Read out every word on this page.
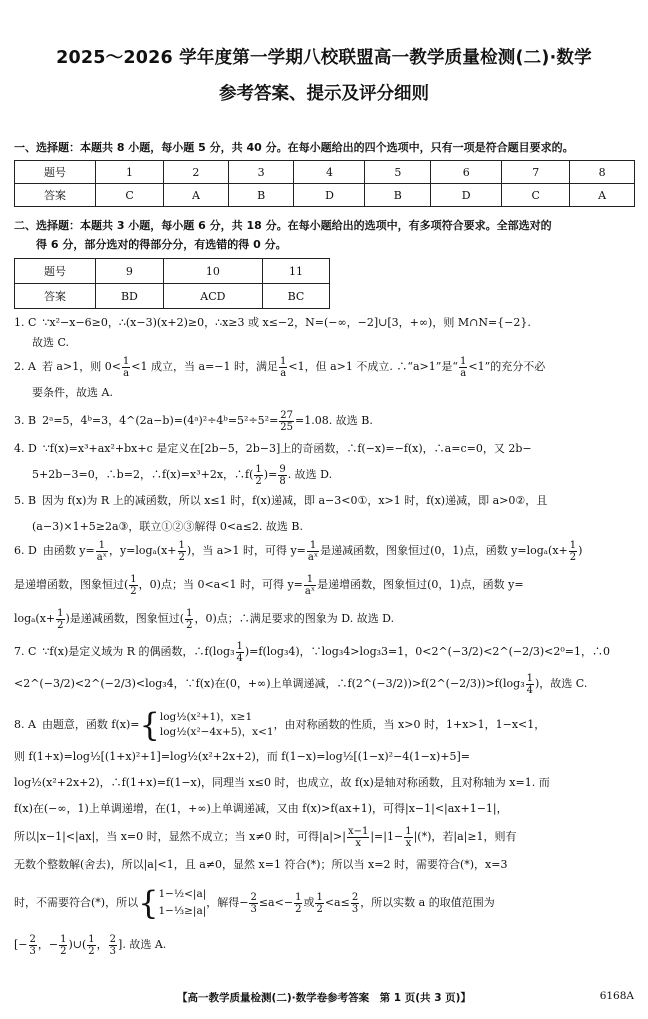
2025～2026 学年度第一学期八校联盟高一教学质量检测(二)·数学
参考答案、提示及评分细则
一、选择题：本题共 8 小题，每小题 5 分，共 40 分。在每小题给出的四个选项中，只有一项是符合题目要求的。
题号	1	2	3	4	5	6	7	8
答案	C	A	B	D	B	D	C	A
二、选择题：本题共 3 小题，每小题 6 分，共 18 分。在每小题给出的选项中，有多项符合要求。全部选对的
得 6 分，部分选对的得部分分，有选错的得 0 分。
题号	9	10	11
答案	BD	ACD	BC
1. C ∵x²−x−6≥0，∴(x−3)(x+2)≥0，∴x≥3 或 x≤−2，N=(−∞，−2]∪[3，+∞)，则 M∩N={−2}.
故选 C.
2. A 若 a>1，则 $0< \frac{1}{a} <1$ 成立，当 a=−1 时，满足 $\frac{1}{a} <1$，但 a>1 不成立. ∴“a>1”是“ $\frac{1}{a} <1$”的充分不必
要条件，故选 A.
3. B 2ᵃ=5，4ᵇ=3，4^(2a−b)=(4ᵃ)²÷4ᵇ=5²÷5²= $\frac{27}{25} =1.08$. 故选 B.
4. D ∵f(x)=x³+ax²+bx+c 是定义在[2b−5，2b−3]上的奇函数，∴f(−x)=−f(x)，∴a=c=0，又 2b−
5+2b−3=0，∴b=2，∴f(x)=x³+2x，∴f( $\frac{1}{2}$ )= $\frac{9}{8}$ . 故选 D.
5. B 因为 f(x)为 R 上的减函数，所以 x≤1 时，f(x)递减，即 a−3<0①，x>1 时，f(x)递减，即 a>0②，且
(a−3)×1+5≥2a③，联立①②③解得 0<a≤2. 故选 B.
6. D 由函数 $y= \frac{1}{\text{aˣ}}$ ，$y=\log_a(x+ \frac{1}{2}$ )，当 a>1 时，可得 $y= \frac{1}{\text{aˣ}}$ 是递减函数，图象恒过(0，1)点，函数 $y=\log_a(x+ \frac{1}{2}$ )
是递增函数，图象恒过( $\frac{1}{2}$ ，0)点；当 0<a<1 时，可得 $y= \frac{1}{\text{aˣ}}$ 是递增函数，图象恒过(0，1)点，函数 y=
$\log_a(x+ \frac{1}{2}$ )是递减函数，图象恒过( $\frac{1}{2}$ ，0)点；∴满足要求的图象为 D. 故选 D.
7. C ∵f(x)是定义域为 R 的偶函数，∴f(log₃ $\frac{1}{4} )=f(\log_34)$，∵log₃4>log₃3=1，0<2^(−3/2)<2^(−2/3)<2⁰=1，∴0
<2^(−3/2)<2^(−2/3)<log₃4，∵f(x)在(0，+∞)上单调递减，∴f(2^(−3/2))>f(2^(−2/3))>f(log₃ $\frac{1}{4}$ )，故选 C.
8. A 由题意，函数 f(x)={ log½(x²+1)，x≥1
log½(x²−4x+5)，x<1
，由对称函数的性质，当 x>0 时，1+x>1，1−x<1，
则 f(1+x)=log½[(1+x)²+1]=log½(x²+2x+2)，而 f(1−x)=log½[(1−x)²−4(1−x)+5]=
log½(x²+2x+2)，∴f(1+x)=f(1−x)，同理当 x≤0 时，也成立，故 f(x)是轴对称函数，且对称轴为 x=1. 而
f(x)在(−∞，1)上单调递增，在(1，+∞)上单调递减，又由 f(x)>f(ax+1)，可得|x−1|<|ax+1−1|，
所以|x−1|<|ax|，当 x=0 时，显然不成立；当 x≠0 时，可得$|a|>| \frac{x-1}{x} |=|1- \frac{1}{x}$ |(*)，若|a|≥1，则有
无数个整数解(舍去)，所以|a|<1，且 a≠0，显然 x=1 符合(*)；所以当 x=2 时，需要符合(*)，x=3
时，不需要符合(*)，所以{ 1−½<|a|
1−⅓≥|a|
，解得− $\frac{2}{3} \le a<- \frac{1}{2}$ 或 $\frac{1}{2} <a\le \frac{2}{3}$ ，所以实数 a 的取值范围为
[− $\frac{2}{3}$ ，− $\frac{1}{2}$ )∪( $\frac{1}{2}$ ， $\frac{2}{3}$ ]. 故选 A.
【高一教学质量检测(二)·数学卷参考答案　第 1 页(共 3 页)】	6168A
